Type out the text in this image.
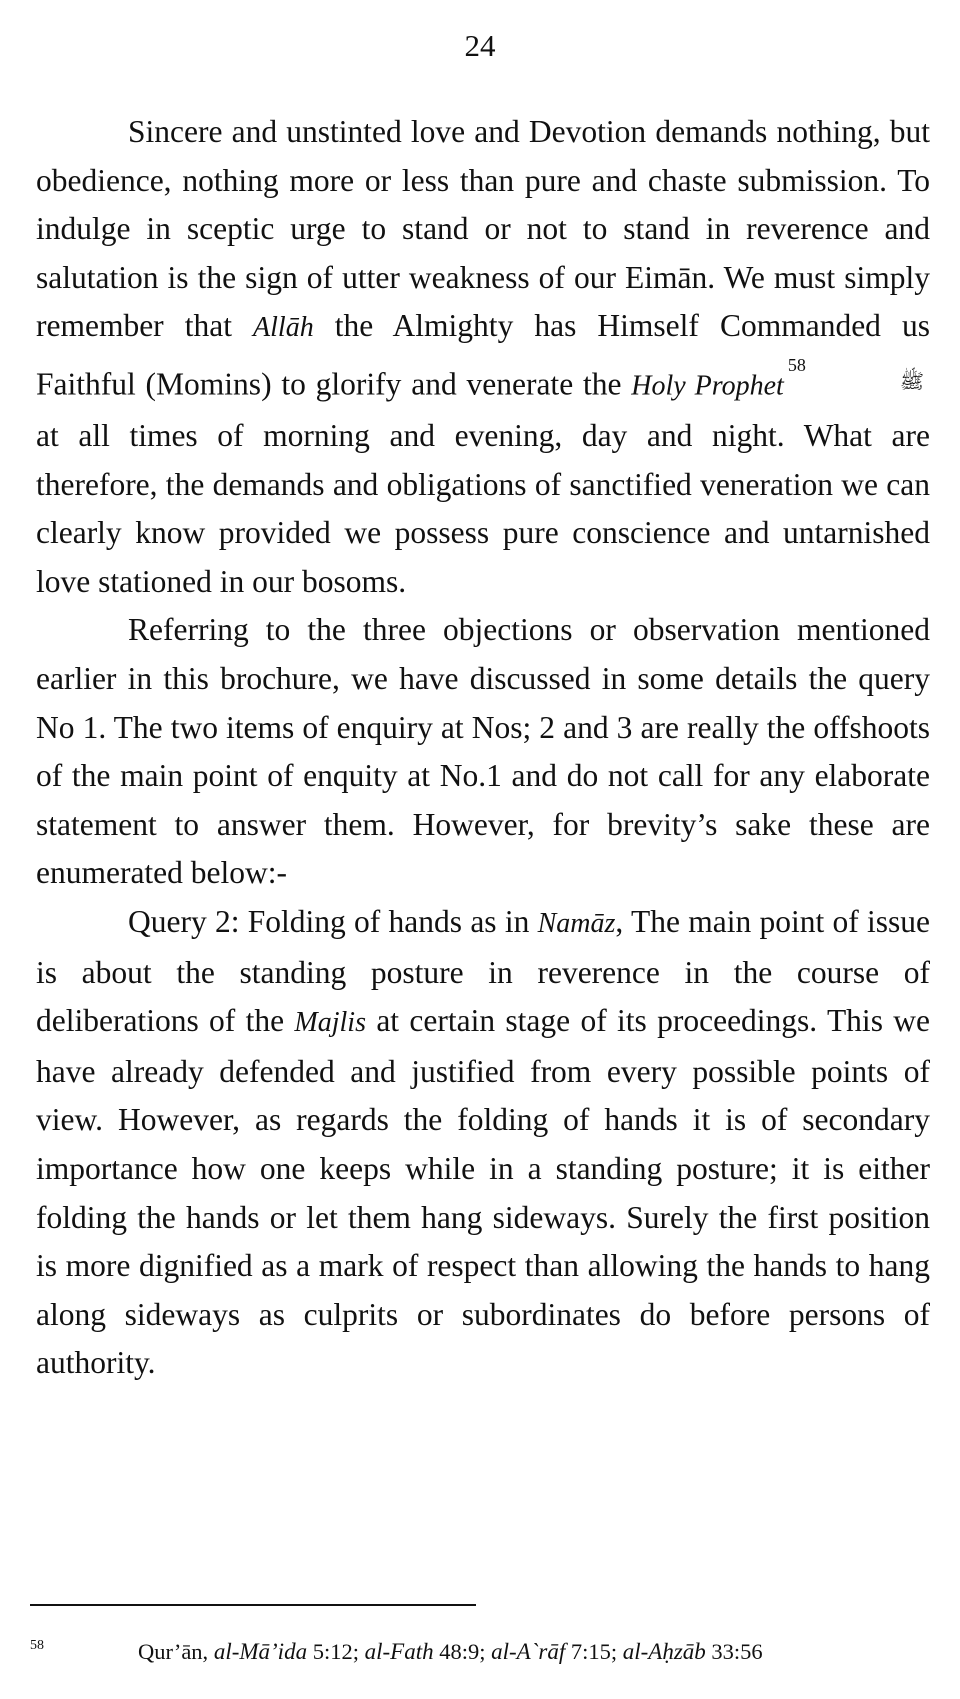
24

Sincere and unstinted love and Devotion demands nothing, but obedience, nothing more or less than pure and chaste submission. To indulge in sceptic urge to stand or not to stand in reverence and salutation is the sign of utter weakness of our Eimān. We must simply remember that Allāh the Almighty has Himself Commanded us Faithful (Momins) to glorify and venerate the Holy Prophet$^{58}$ﷺ at all times of morning and evening, day and night. What are therefore, the demands and obligations of sanctified veneration we can clearly know provided we possess pure conscience and untarnished love stationed in our bosoms.

Referring to the three objections or observation mentioned earlier in this brochure, we have discussed in some details the query No 1. The two items of enquiry at Nos; 2 and 3 are really the offshoots of the main point of enquity at No.1 and do not call for any elaborate statement to answer them. However, for brevity’s sake these are enumerated below:-

Query 2: Folding of hands as in Namāz, The main point of issue is about the standing posture in reverence in the course of deliberations of the Majlis at certain stage of its proceedings. This we have already defended and justified from every possible points of view. However, as regards the folding of hands it is of secondary importance how one keeps while in a standing posture; it is either folding the hands or let them hang sideways. Surely the first position is more dignified as a mark of respect than allowing the hands to hang along sideways as culprits or subordinates do before persons of authority.

58	Qur’ān, al-Mā’ida 5:12; al-Fath 48:9; al-A`rāf 7:15; al-Aḥzāb 33:56
